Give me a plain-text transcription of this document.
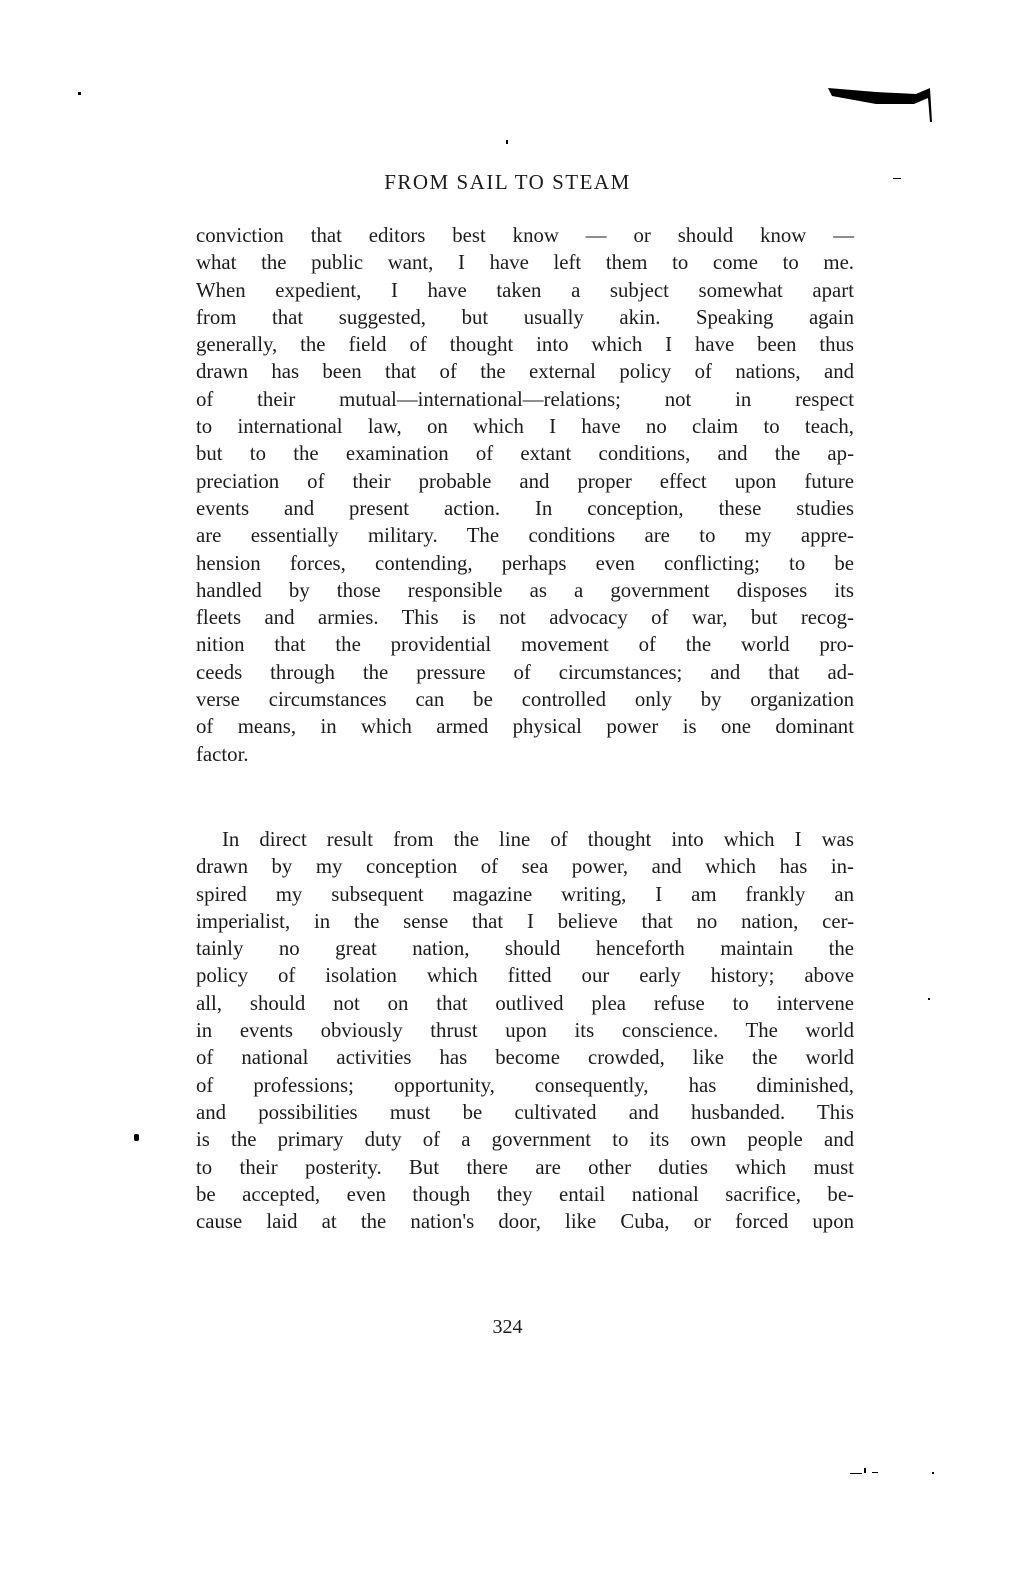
FROM SAIL TO STEAM
conviction that editors best know — or should know —
what the public want, I have left them to come to me.
When expedient, I have taken a subject somewhat apart
from that suggested, but usually akin. Speaking again
generally, the field of thought into which I have been thus
drawn has been that of the external policy of nations, and
of their mutual—international—relations; not in respect
to international law, on which I have no claim to teach,
but to the examination of extant conditions, and the ap-
preciation of their probable and proper effect upon future
events and present action. In conception, these studies
are essentially military. The conditions are to my appre-
hension forces, contending, perhaps even conflicting; to be
handled by those responsible as a government disposes its
fleets and armies. This is not advocacy of war, but recog-
nition that the providential movement of the world pro-
ceeds through the pressure of circumstances; and that ad-
verse circumstances can be controlled only by organization
of means, in which armed physical power is one dominant
factor.
In direct result from the line of thought into which I was
drawn by my conception of sea power, and which has in-
spired my subsequent magazine writing, I am frankly an
imperialist, in the sense that I believe that no nation, cer-
tainly no great nation, should henceforth maintain the
policy of isolation which fitted our early history; above
all, should not on that outlived plea refuse to intervene
in events obviously thrust upon its conscience. The world
of national activities has become crowded, like the world
of professions; opportunity, consequently, has diminished,
and possibilities must be cultivated and husbanded. This
is the primary duty of a government to its own people and
to their posterity. But there are other duties which must
be accepted, even though they entail national sacrifice, be-
cause laid at the nation's door, like Cuba, or forced upon
324
